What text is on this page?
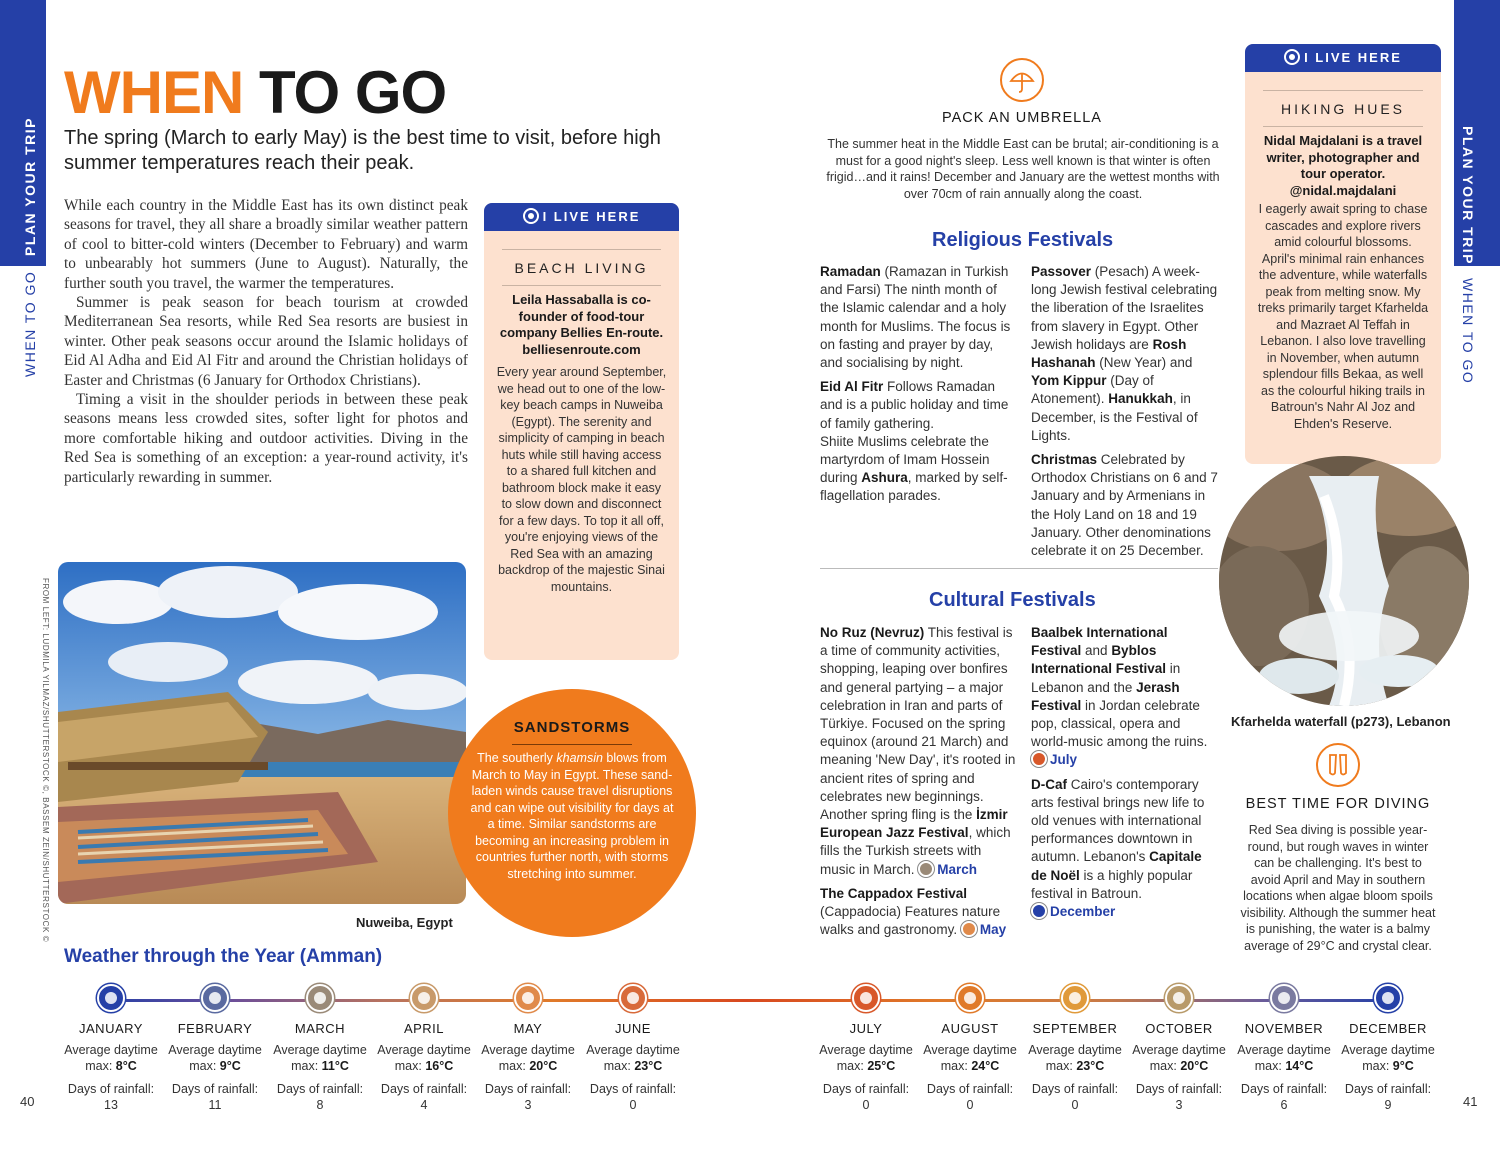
PLAN YOUR TRIP
WHEN TO GO
PLAN YOUR TRIP
WHEN TO GO
40	41
WHEN TO GO
The spring (March to early May) is the best time to visit, before high summer temperatures reach their peak.

While each country in the Middle East has its own distinct peak seasons for travel, they all share a broadly similar weather pattern of cool to bitter-cold winters (December to February) and warm to unbearably hot summers (June to August). Naturally, the further south you travel, the warmer the temperatures.

Summer is peak season for beach tourism at crowded Mediterranean Sea resorts, while Red Sea resorts are busiest in winter. Other peak seasons occur around the Islamic holidays of Eid Al Adha and Eid Al Fitr and around the Christian holidays of Easter and Christmas (6 January for Orthodox Christians).

Timing a visit in the shoulder periods in between these peak seasons means less crowded sites, softer light for photos and more comfortable hiking and outdoor activities. Diving in the Red Sea is something of an exception: a year-round activity, it's particularly rewarding in summer.

I LIVE HERE
BEACH LIVING
Leila Hassaballa is co-founder of food-tour company Bellies En-route. belliesenroute.com
Every year around September, we head out to one of the low-key beach camps in Nuweiba (Egypt). The serenity and simplicity of camping in beach huts while still having access to a shared full kitchen and bathroom block make it easy to slow down and disconnect for a few days. To top it all off, you're enjoying views of the Red Sea with an amazing backdrop of the majestic Sinai mountains.
Nuweiba, Egypt
FROM LEFT: LUDMILA YILMAZ/SHUTTERSTOCK ©, BASSEM ZEIN/SHUTTERSTOCK ©	SANDSTORMS
The southerly khamsin blows from March to May in Egypt. These sand-laden winds cause travel disruptions and can wipe out visibility for days at a time. Similar sandstorms are becoming an increasing problem in countries further north, with storms stretching into summer.
PACK AN UMBRELLA
The summer heat in the Middle East can be brutal; air-conditioning is a must for a good night's sleep. Less well known is that winter is often frigid…and it rains! December and January are the wettest months with over 70cm of rain annually along the coast.
Religious Festivals

Ramadan (Ramazan in Turkish and Farsi) The ninth month of the Islamic calendar and a holy month for Muslims. The focus is on fasting and prayer by day, and socialising by night.

Eid Al Fitr Follows Ramadan and is a public holiday and time of family gathering.
Shiite Muslims celebrate the martyrdom of Imam Hossein during Ashura, marked by self-flagellation parades.

Passover (Pesach) A week-long Jewish festival celebrating the liberation of the Israelites from slavery in Egypt. Other Jewish holidays are Rosh Hashanah (New Year) and Yom Kippur (Day of Atonement). Hanukkah, in December, is the Festival of Lights.

Christmas Celebrated by Orthodox Christians on 6 and 7 January and by Armenians in the Holy Land on 18 and 19 January. Other denominations celebrate it on 25 December.

Cultural Festivals

No Ruz (Nevruz) This festival is a time of community activities, shopping, leaping over bonfires and general partying – a major celebration in Iran and parts of Türkiye. Focused on the spring equinox (around 21 March) and meaning 'New Day', it's rooted in ancient rites of spring and celebrates new beginnings. Another spring fling is the İzmir European Jazz Festival, which fills the Turkish streets with music in March. March

The Cappadox Festival (Cappadocia) Features nature walks and gastronomy. May

Baalbek International Festival and Byblos International Festival in Lebanon and the Jerash Festival in Jordan celebrate pop, classical, opera and world-music among the ruins.
July

D-Caf Cairo's contemporary arts festival brings new life to old venues with international performances downtown in autumn. Lebanon's Capitale de Noël is a highly popular festival in Batroun.
December

I LIVE HERE
HIKING HUES
Nidal Majdalani is a travel writer, photographer and tour operator. @nidal.majdalani
I eagerly await spring to chase cascades and explore rivers amid colourful blossoms. April's minimal rain enhances the adventure, while waterfalls peak from melting snow. My treks primarily target Kfarhelda and Mazraet Al Teffah in Lebanon. I also love travelling in November, when autumn splendour fills Bekaa, as well as the colourful hiking trails in Batroun's Nahr Al Joz and Ehden's Reserve.
Kfarhelda waterfall (p273), Lebanon
BEST TIME FOR DIVING
Red Sea diving is possible year-round, but rough waves in winter can be challenging. It's best to avoid April and May in southern locations when algae bloom spoils visibility. Although the summer heat is punishing, the water is a balmy average of 29°C and crystal clear.
Weather through the Year (Amman)
JANUARY
Average daytime
max: 8°C
Days of rainfall:
13
FEBRUARY
Average daytime
max: 9°C
Days of rainfall:
11
MARCH
Average daytime
max: 11°C
Days of rainfall:
8
APRIL
Average daytime
max: 16°C
Days of rainfall:
4
MAY
Average daytime
max: 20°C
Days of rainfall:
3
JUNE
Average daytime
max: 23°C
Days of rainfall:
0
JULY
Average daytime
max: 25°C
Days of rainfall:
0
AUGUST
Average daytime
max: 24°C
Days of rainfall:
0
SEPTEMBER
Average daytime
max: 23°C
Days of rainfall:
0
OCTOBER
Average daytime
max: 20°C
Days of rainfall:
3
NOVEMBER
Average daytime
max: 14°C
Days of rainfall:
6
DECEMBER
Average daytime
max: 9°C
Days of rainfall:
9
